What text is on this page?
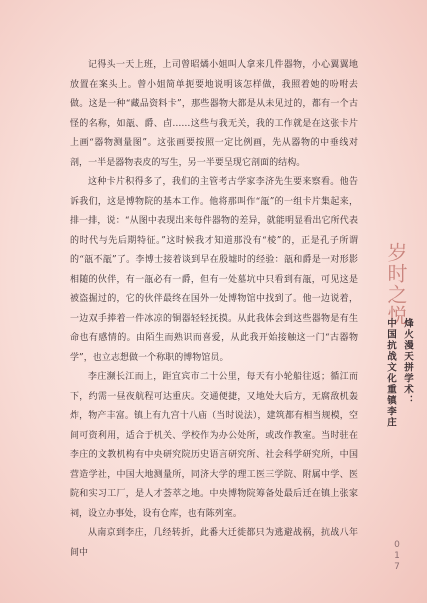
记得头一天上班，上司曾昭燏小姐叫人拿来几件器物，小心翼翼地放置在案头上。曾小姐简单扼要地说明该怎样做，我照着她的吩咐去做。这是一种“藏品资料卡”，那些器物大都是从未见过的，都有一个古怪的名称，如瓿、爵、卣……这些与我无关，我的工作就是在这张卡片上画“器物测量图”。这张画要按照一定比例画，先从器物的中垂线对剖，一半是器物表皮的写生，另一半要呈现它剖面的结构。

这种卡片积得多了，我们的主管考古学家李济先生要来察看。他告诉我们，这是博物院的基本工作。他将那叫作“瓿”的一组卡片集起来，排一排，说：“从图中表现出来每件器物的差异，就能明显看出它所代表的时代与先后期特征。”这时候我才知道那没有“棱”的，正是孔子所谓的“瓿不瓿”了。李博士接着谈到早在殷墟时的经验：瓿和爵是一对形影相随的伙伴，有一瓿必有一爵，但有一处墓坑中只看到有瓿，可见这是被盗掘过的，它的伙伴最终在国外一处博物馆中找到了。他一边说着，一边双手捧着一件冰凉的铜器轻轻抚摸。从此我体会到这些器物是有生命也有感情的。由陌生而熟识而喜爱，从此我开始接触这一门“古器物学”，也立志想做一个称职的博物馆员。

李庄濒长江而上，距宜宾市二十公里，每天有小轮船往返；循江而下，约需一昼夜航程可达重庆。交通便捷，又地处大后方，无腐敌机轰炸，物产丰富。镇上有九宫十八庙（当时说法），建筑都有相当规模，空间可资利用，适合于机关、学校作为办公处所，或改作教室。当时驻在李庄的文教机构有中央研究院历史语言研究所、社会科学研究所，中国营造学社，中国大地测量所，同济大学的理工医三学院、附属中学、医院和实习工厂，是人才荟萃之地。中央博物院筹备处最后迁在镇上张家祠，设立办事处，设有仓库，也有陈列室。

从南京到李庄，几经转折，此番大迁徙都只为逃避战祸，抗战八年间中

岁时之悦
烽火漫天拼学术：
中国抗战文化重镇李庄
017
